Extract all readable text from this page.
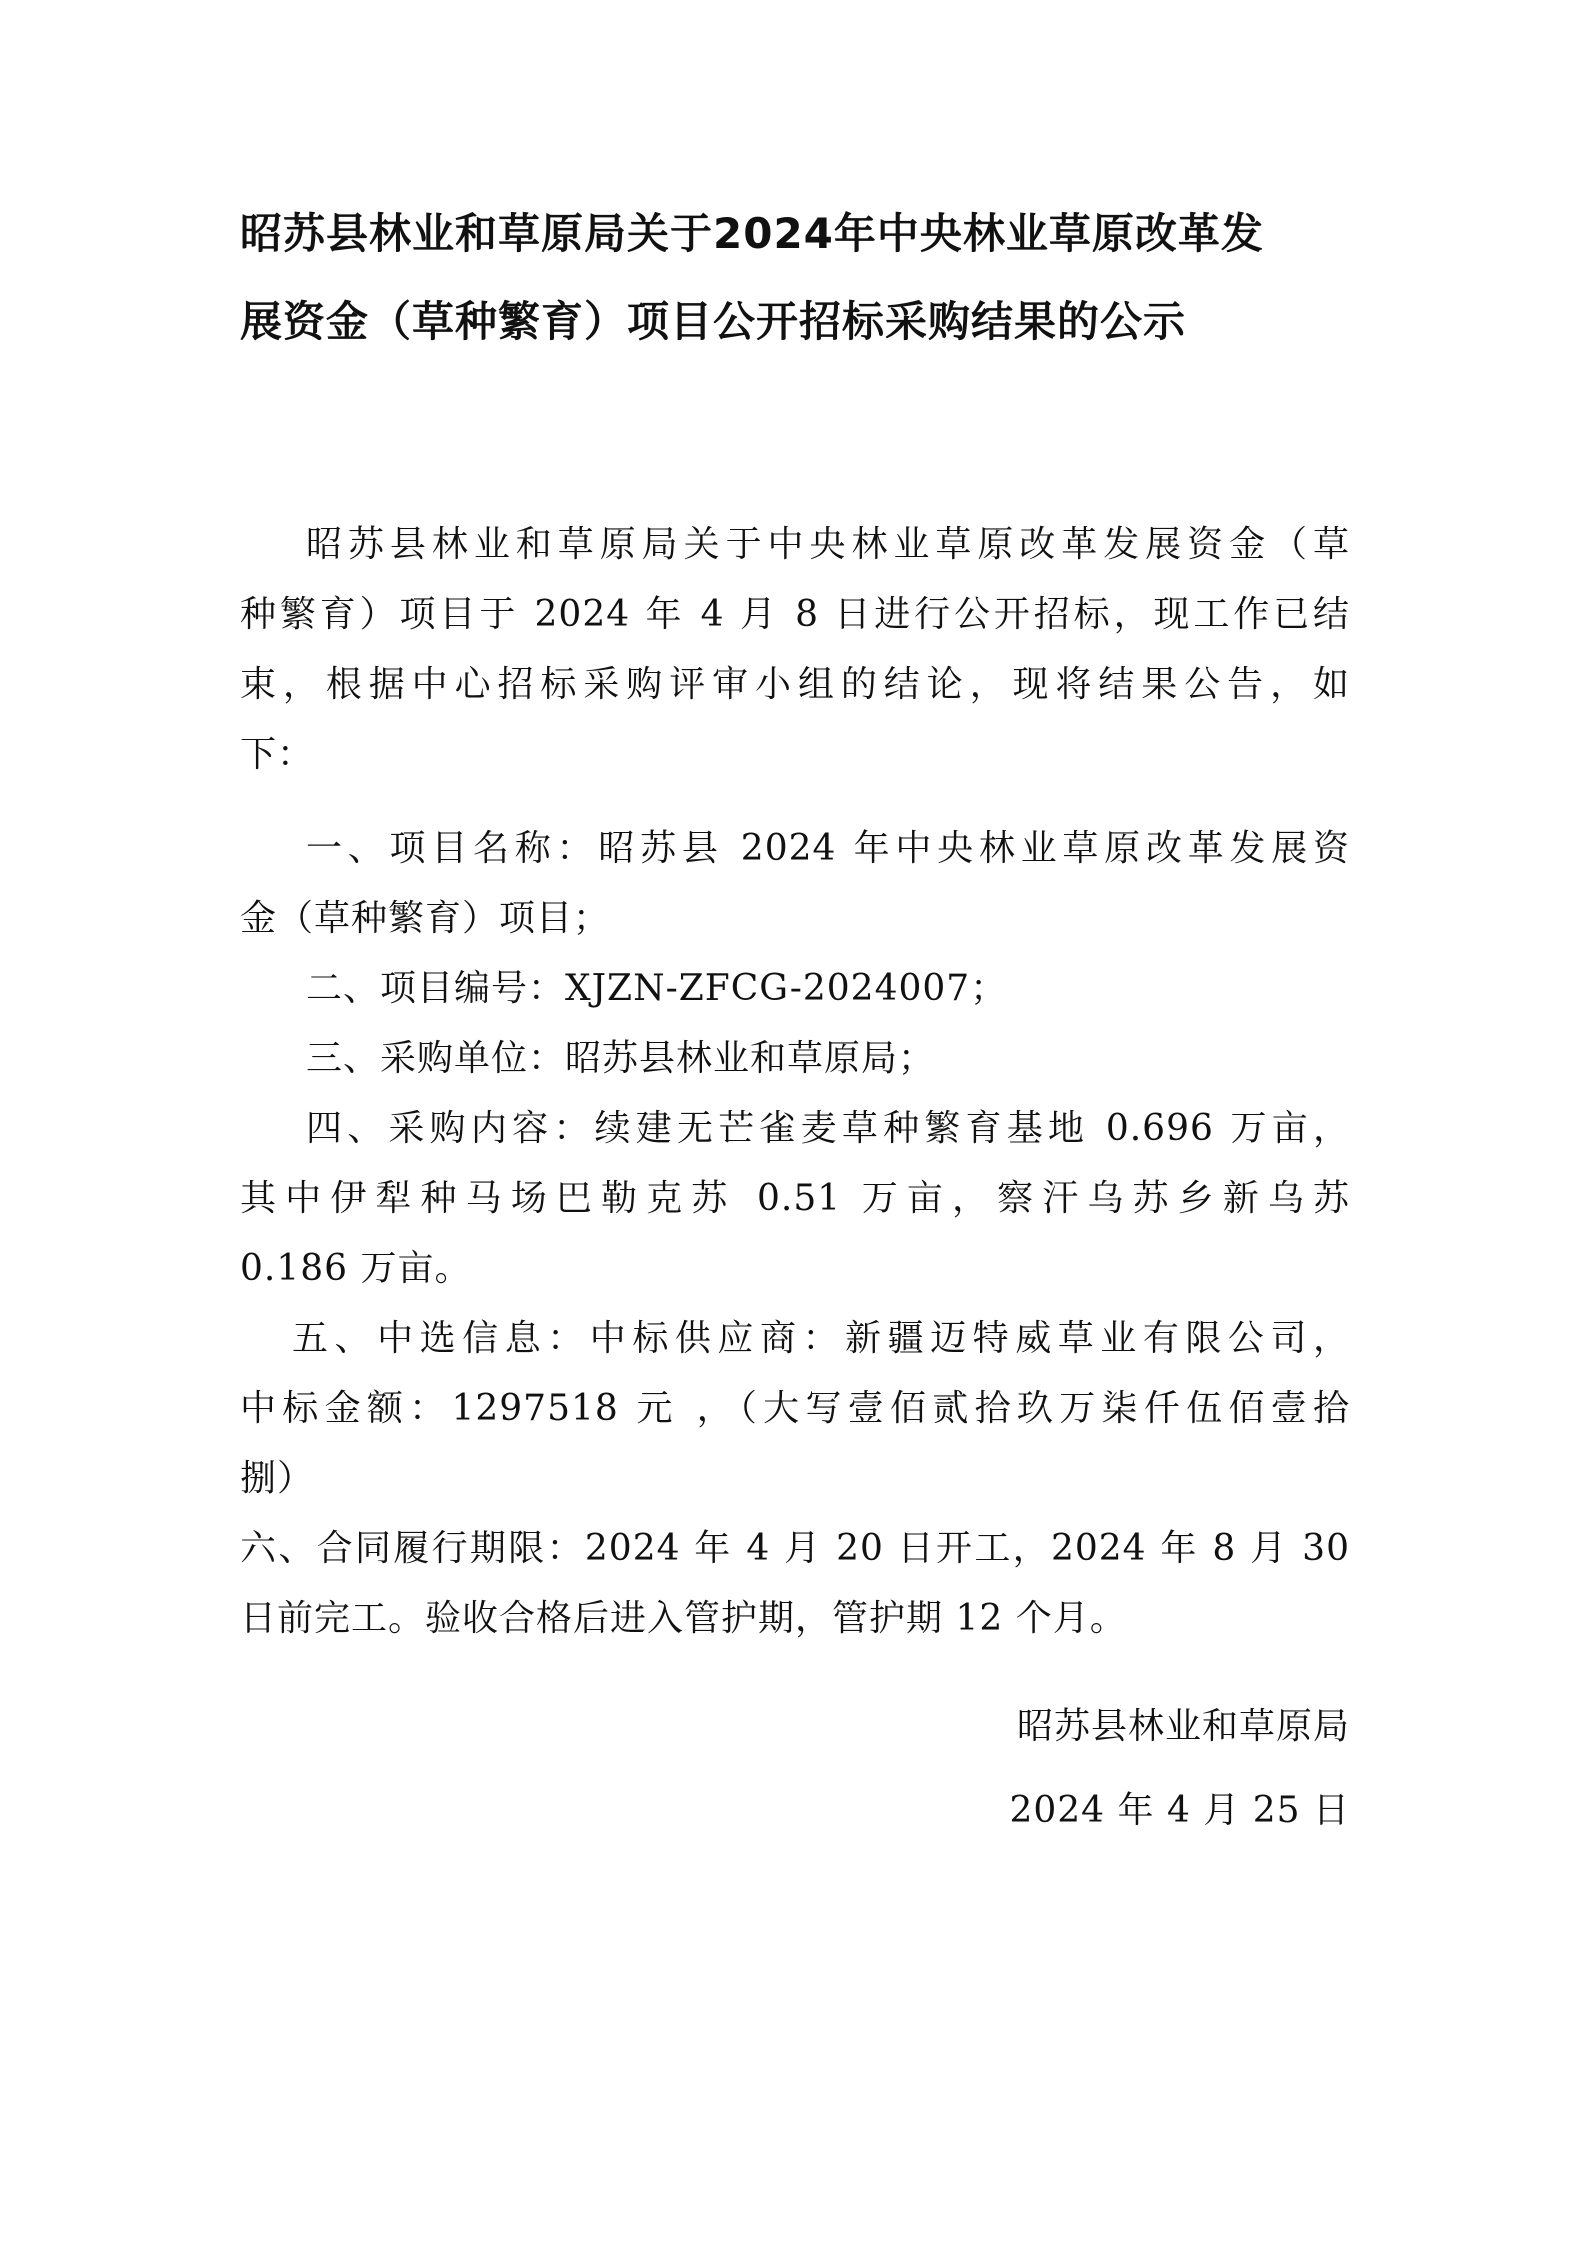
昭苏县林业和草原局关于2024年中央林业草原改革发
展资金（草种繁育）项目公开招标采购结果的公示
昭苏县林业和草原局关于中央林业草原改革发展资金（草
种繁育）项目于 2024 年 4 月 8 日进行公开招标，现工作已结
束，根据中心招标采购评审小组的结论，现将结果公告，如
下：
一、项目名称：昭苏县 2024 年中央林业草原改革发展资
金（草种繁育）项目；
二、项目编号：XJZN-ZFCG-2024007；
三、采购单位：昭苏县林业和草原局；
四、采购内容：续建无芒雀麦草种繁育基地 0.696 万亩，
其中伊犁种马场巴勒克苏 0.51 万亩，察汗乌苏乡新乌苏
0.186 万亩。
五、中选信息：中标供应商：新疆迈特威草业有限公司，
中标金额：1297518 元 ，（大写壹佰贰拾玖万柒仟伍佰壹拾
捌）
六、合同履行期限：2024 年 4 月 20 日开工，2024 年 8 月 30
日前完工。验收合格后进入管护期，管护期 12 个月。
昭苏县林业和草原局
2024 年 4 月 25 日
